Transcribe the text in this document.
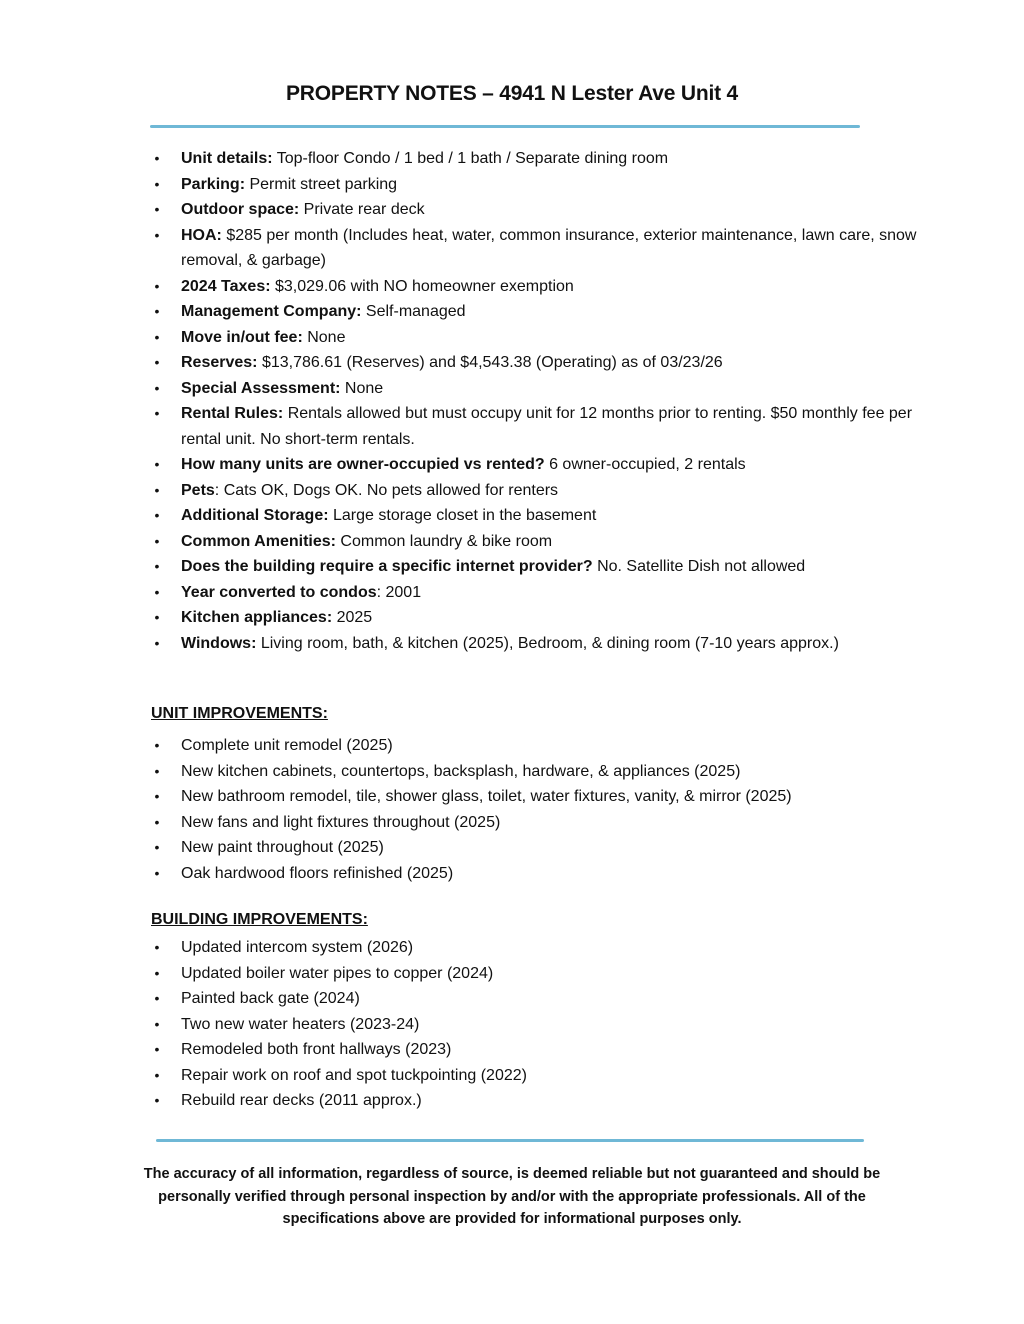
PROPERTY NOTES – 4941 N Lester Ave Unit 4
• Unit details: Top-floor Condo / 1 bed / 1 bath / Separate dining room
• Parking: Permit street parking
• Outdoor space: Private rear deck
• HOA: $285 per month (Includes heat, water, common insurance, exterior maintenance, lawn care, snow removal, & garbage)
• 2024 Taxes: $3,029.06 with NO homeowner exemption
• Management Company: Self-managed
• Move in/out fee: None
• Reserves: $13,786.61 (Reserves) and $4,543.38 (Operating) as of 03/23/26
• Special Assessment: None
• Rental Rules: Rentals allowed but must occupy unit for 12 months prior to renting. $50 monthly fee per rental unit. No short-term rentals.
• How many units are owner-occupied vs rented? 6 owner-occupied, 2 rentals
• Pets: Cats OK, Dogs OK. No pets allowed for renters
• Additional Storage: Large storage closet in the basement
• Common Amenities: Common laundry & bike room
• Does the building require a specific internet provider? No. Satellite Dish not allowed
• Year converted to condos: 2001
• Kitchen appliances: 2025
• Windows: Living room, bath, & kitchen (2025), Bedroom, & dining room (7-10 years approx.)
UNIT IMPROVEMENTS:
• Complete unit remodel (2025)
• New kitchen cabinets, countertops, backsplash, hardware, & appliances (2025)
• New bathroom remodel, tile, shower glass, toilet, water fixtures, vanity, & mirror (2025)
• New fans and light fixtures throughout (2025)
• New paint throughout (2025)
• Oak hardwood floors refinished (2025)
BUILDING IMPROVEMENTS:
• Updated intercom system (2026)
• Updated boiler water pipes to copper (2024)
• Painted back gate (2024)
• Two new water heaters (2023-24)
• Remodeled both front hallways (2023)
• Repair work on roof and spot tuckpointing (2022)
• Rebuild rear decks (2011 approx.)
The accuracy of all information, regardless of source, is deemed reliable but not guaranteed and should be personally verified through personal inspection by and/or with the appropriate professionals. All of the specifications above are provided for informational purposes only.
